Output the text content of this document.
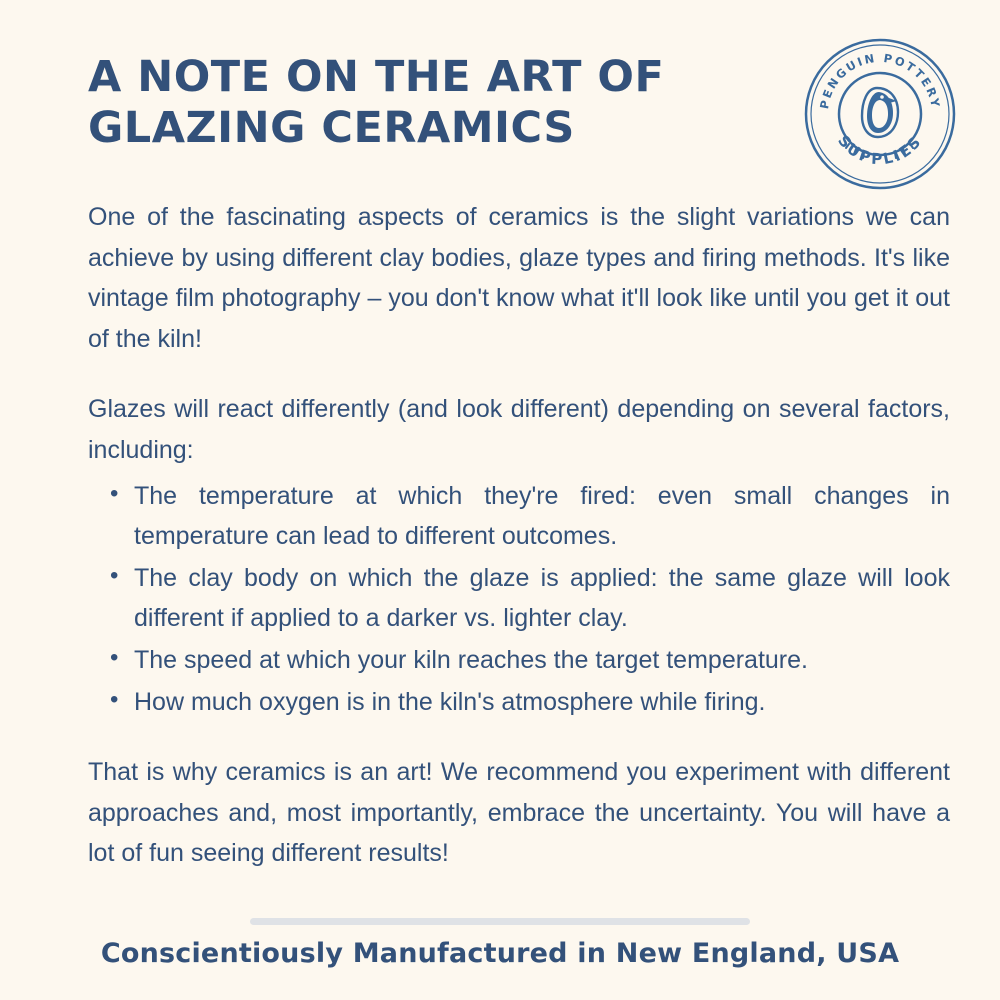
PENGUIN POTTERY
SUPPLIES
A NOTE ON THE ART OF
GLAZING CERAMICS

One of the fascinating aspects of ceramics is the slight variations we can achieve by using different clay bodies, glaze types and firing methods. It's like vintage film photography – you don't know what it'll look like until you get it out of the kiln!

Glazes will react differently (and look different) depending on several factors, including:

• The temperature at which they're fired: even small changes in temperature can lead to different outcomes.
• The clay body on which the glaze is applied: the same glaze will look different if applied to a darker vs. lighter clay.
• The speed at which your kiln reaches the target temperature.
• How much oxygen is in the kiln's atmosphere while firing.

That is why ceramics is an art! We recommend you experiment with different approaches and, most importantly, embrace the uncertainty. You will have a lot of fun seeing different results!

Conscientiously Manufactured in New England, USA
